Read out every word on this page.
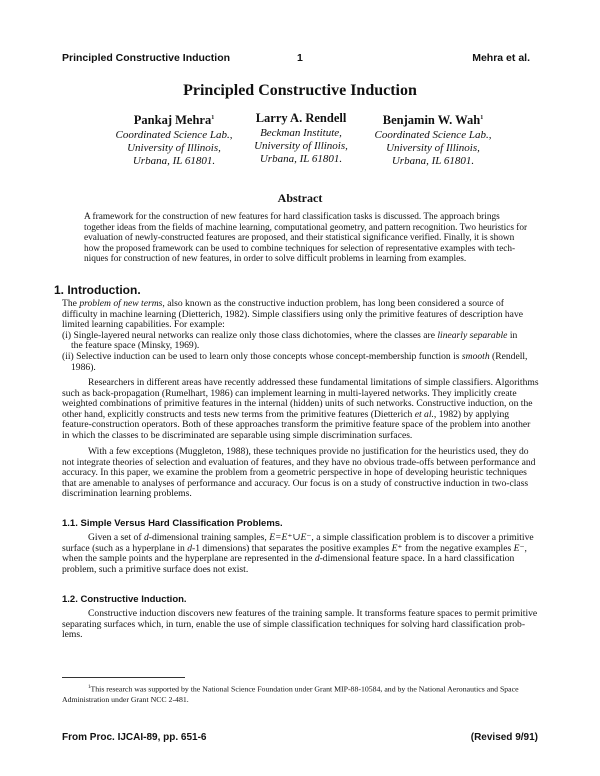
Principled Constructive Induction	1	Mehra et al.
Principled Constructive Induction
Pankaj Mehra$^1$
Coordinated Science Lab.,
University of Illinois,
Urbana, IL 61801.
Larry A. Rendell
Beckman Institute,
University of Illinois,
Urbana, IL 61801.
Benjamin W. Wah$^1$
Coordinated Science Lab.,
University of Illinois,
Urbana, IL 61801.
Abstract
A framework for the construction of new features for hard classification tasks is discussed. The approach brings
together ideas from the fields of machine learning, computational geometry, and pattern recognition. Two heuristics for
evaluation of newly-constructed features are proposed, and their statistical significance verified. Finally, it is shown
how the proposed framework can be used to combine techniques for selection of representative examples with tech-
niques for construction of new features, in order to solve difficult problems in learning from examples.
1. Introduction.
The problem of new terms, also known as the constructive induction problem, has long been considered a source of
difficulty in machine learning (Dietterich, 1982). Simple classifiers using only the primitive features of description have
limited learning capabilities. For example:
(i) Single-layered neural networks can realize only those class dichotomies, where the classes are linearly separable in
the feature space (Minsky, 1969).
(ii) Selective induction can be used to learn only those concepts whose concept-membership function is smooth (Rendell,
1986).
Researchers in different areas have recently addressed these fundamental limitations of simple classifiers. Algorithms
such as back-propagation (Rumelhart, 1986) can implement learning in multi-layered networks. They implicitly create
weighted combinations of primitive features in the internal (hidden) units of such networks. Constructive induction, on the
other hand, explicitly constructs and tests new terms from the primitive features (Dietterich et al., 1982) by applying
feature-construction operators. Both of these approaches transform the primitive feature space of the problem into another
in which the classes to be discriminated are separable using simple discrimination surfaces.
With a few exceptions (Muggleton, 1988), these techniques provide no justification for the heuristics used, they do
not integrate theories of selection and evaluation of features, and they have no obvious trade-offs between performance and
accuracy. In this paper, we examine the problem from a geometric perspective in hope of developing heuristic techniques
that are amenable to analyses of performance and accuracy. Our focus is on a study of constructive induction in two-class
discrimination learning problems.
1.1. Simple Versus Hard Classification Problems.
Given a set of d-dimensional training samples, E=E⁺∪E⁻, a simple classification problem is to discover a primitive
surface (such as a hyperplane in d-1 dimensions) that separates the positive examples E⁺ from the negative examples E⁻,
when the sample points and the hyperplane are represented in the d-dimensional feature space. In a hard classification
problem, such a primitive surface does not exist.
1.2. Constructive Induction.
Constructive induction discovers new features of the training sample. It transforms feature spaces to permit primitive
separating surfaces which, in turn, enable the use of simple classification techniques for solving hard classification prob-
lems.
$^1$This research was supported by the National Science Foundation under Grant MIP-88-10584, and by the National Aeronautics and Space
Administration under Grant NCC 2-481.
From Proc. IJCAI-89, pp. 651-6	(Revised 9/91)
